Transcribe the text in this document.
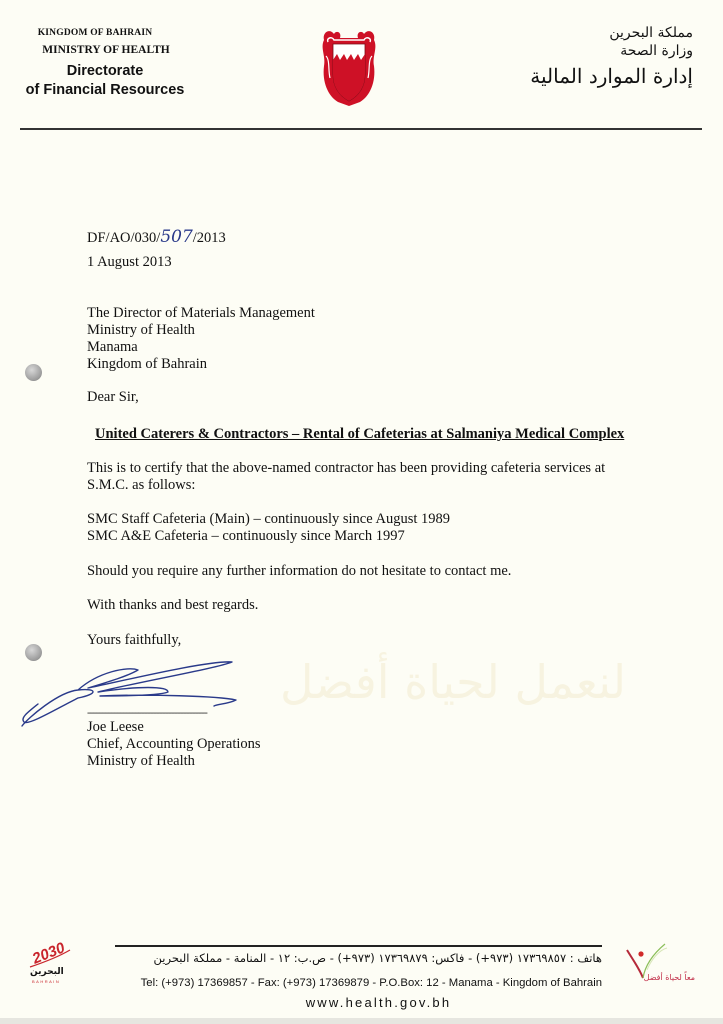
KINGDOM OF BAHRAIN
MINISTRY OF HEALTH
Directorate
of Financial Resources
مملكة البحرين
وزارة الصحة
إدارة الموارد المالية
لنعمل لحياة أفضل
DF/AO/030/507/2013
1 August 2013
The Director of Materials Management
Ministry of Health
Manama
Kingdom of Bahrain
Dear Sir,
United Caterers & Contractors – Rental of Cafeterias at Salmaniya Medical Complex
This is to certify that the above-named contractor has been providing cafeteria services at S.M.C. as follows:
SMC Staff Cafeteria (Main) – continuously since August 1989
SMC A&E Cafeteria – continuously since March 1997
Should you require any further information do not hesitate to contact me.
With thanks and best regards.
Yours faithfully,
----------------------------------------
Joe Leese
Chief, Accounting Operations
Ministry of Health
2030
البحرين
BAHRAIN
هاتف : ١٧٣٦٩٨٥٧ (٩٧٣+) - فاكس: ١٧٣٦٩٨٧٩ (٩٧٣+) - ص.ب: ١٢ - المنامة - مملكة البحرين
Tel: (+973) 17369857 - Fax: (+973) 17369879 - P.O.Box: 12 - Manama - Kingdom of Bahrain
www.health.gov.bh
معاً لحياة أفضل
